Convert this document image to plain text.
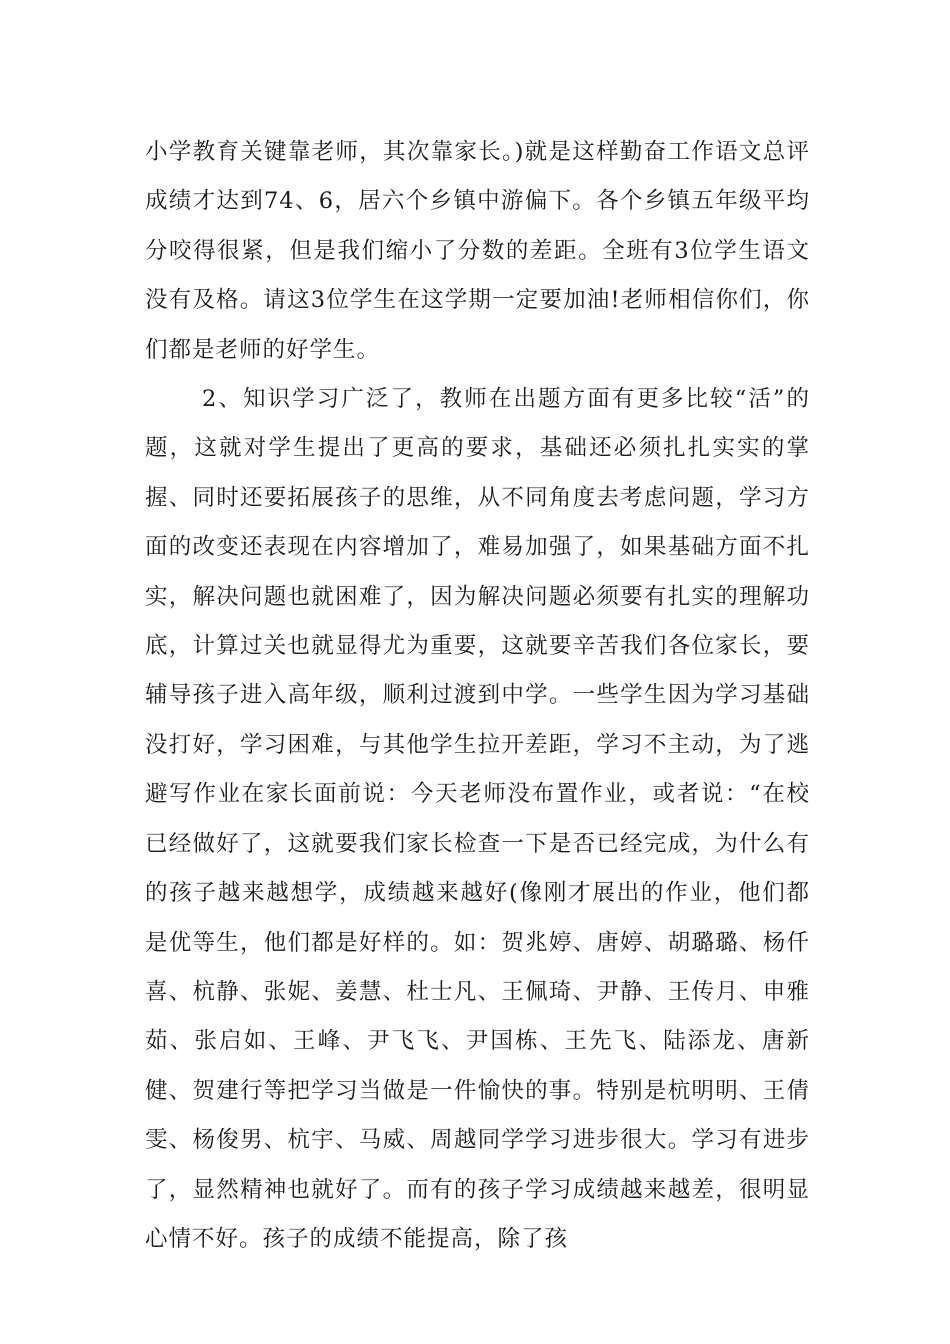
小学教育关键靠老师，其次靠家长。)就是这样勤奋工作语文总评成绩才达到74、6，居六个乡镇中游偏下。各个乡镇五年级平均分咬得很紧，但是我们缩小了分数的差距。全班有3位学生语文没有及格。请这3位学生在这学期一定要加油!老师相信你们，你们都是老师的好学生。

2、知识学习广泛了，教师在出题方面有更多比较“活”的题，这就对学生提出了更高的要求，基础还必须扎扎实实的掌握、同时还要拓展孩子的思维，从不同角度去考虑问题，学习方面的改变还表现在内容增加了，难易加强了，如果基础方面不扎实，解决问题也就困难了，因为解决问题必须要有扎实的理解功底，计算过关也就显得尤为重要，这就要辛苦我们各位家长，要辅导孩子进入高年级，顺利过渡到中学。一些学生因为学习基础没打好，学习困难，与其他学生拉开差距，学习不主动，为了逃避写作业在家长面前说：今天老师没布置作业，或者说：“在校已经做好了，这就要我们家长检查一下是否已经完成，为什么有的孩子越来越想学，成绩越来越好(像刚才展出的作业，他们都是优等生，他们都是好样的。如：贺兆婷、唐婷、胡璐璐、杨仟喜、杭静、张妮、姜慧、杜士凡、王佩琦、尹静、王传月、申雅茹、张启如、王峰、尹飞飞、尹国栋、王先飞、陆添龙、唐新健、贺建行等把学习当做是一件愉快的事。特别是杭明明、王倩雯、杨俊男、杭宇、马威、周越同学学习进步很大。学习有进步了，显然精神也就好了。而有的孩子学习成绩越来越差，很明显心情不好。孩子的成绩不能提高，除了孩
